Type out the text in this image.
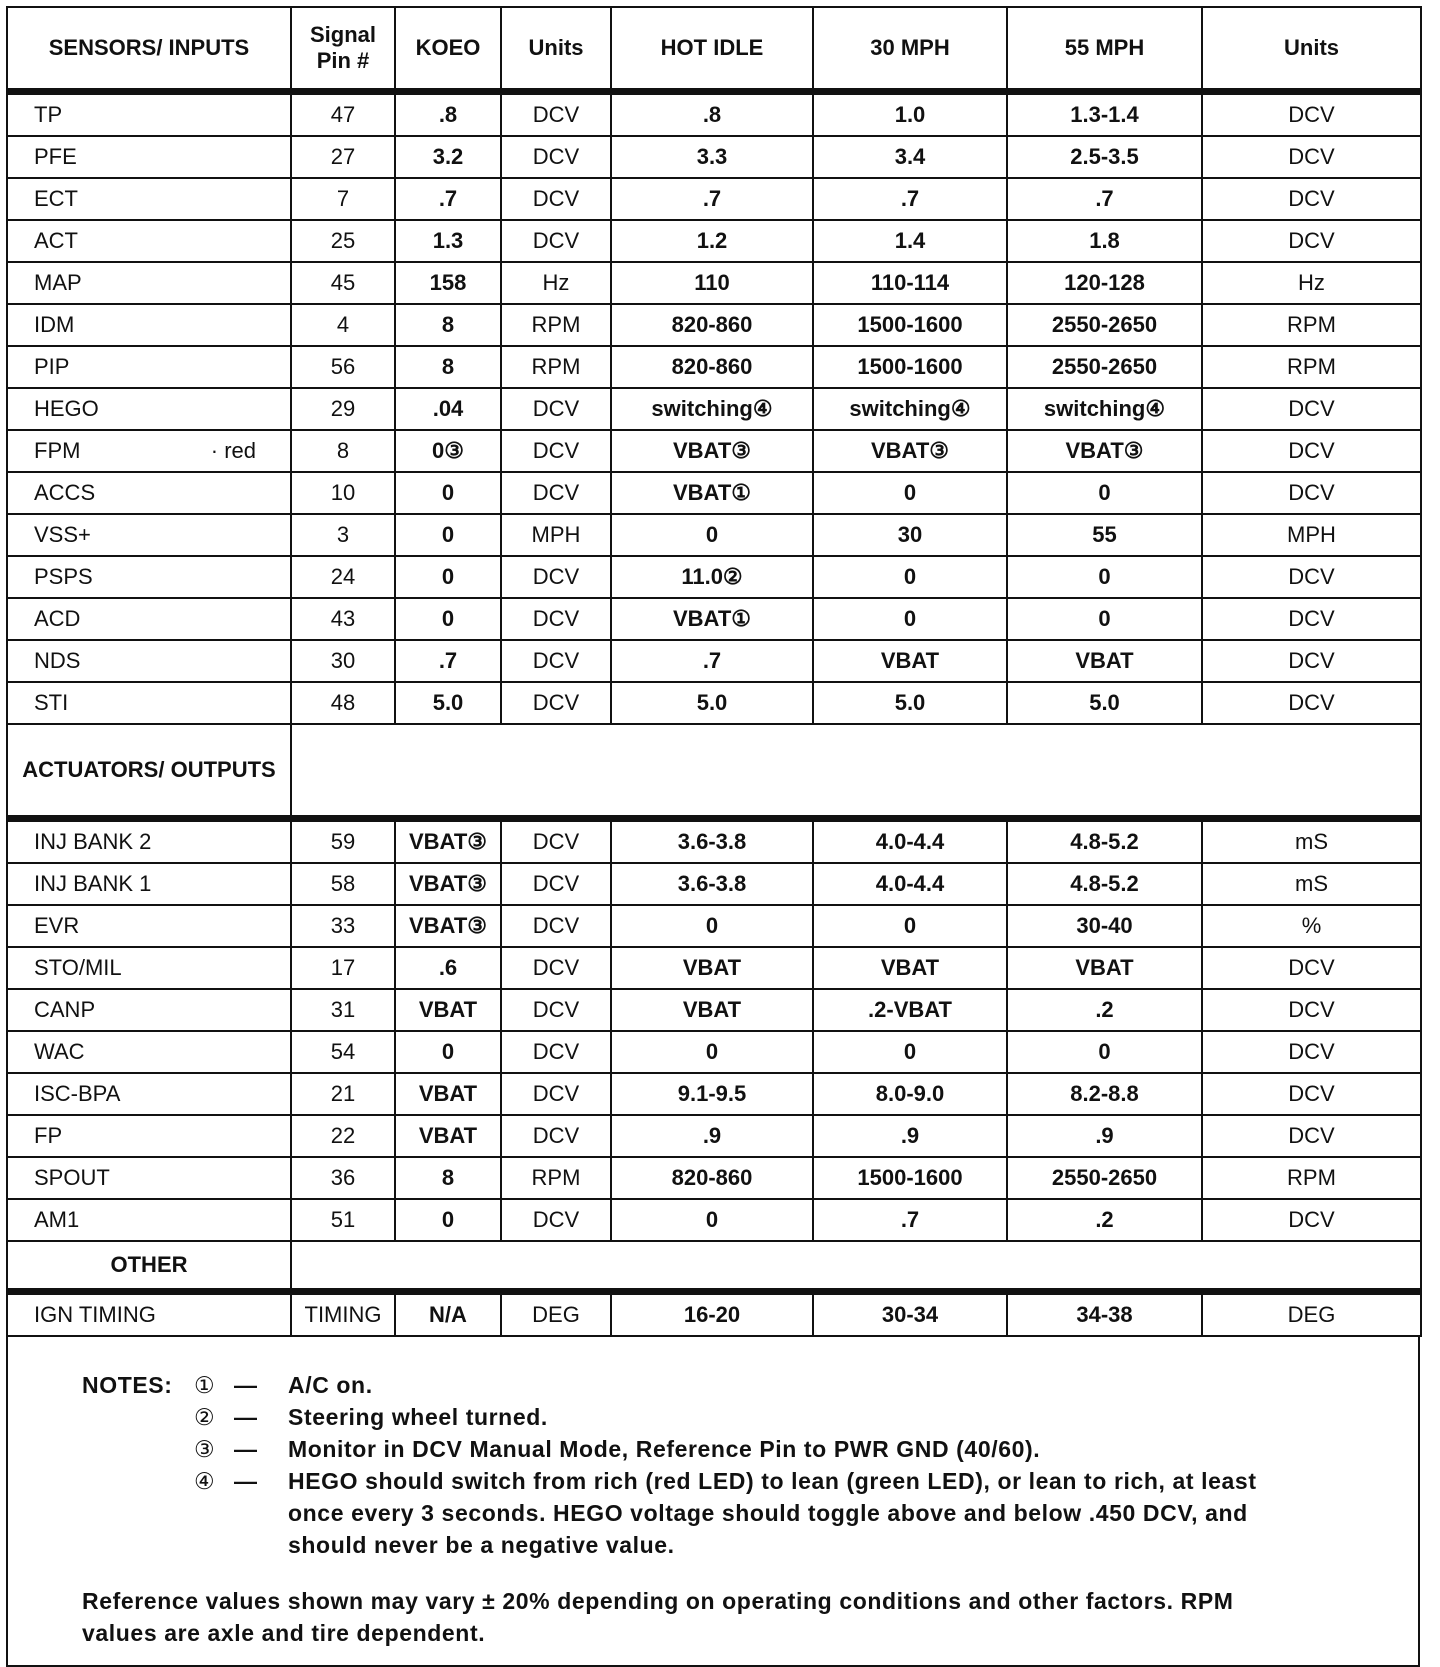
SENSORS/ INPUTS	Signal Pin #	KOEO	Units	HOT IDLE	30 MPH	55 MPH	Units
TP	47	.8	DCV	.8	1.0	1.3-1.4	DCV
PFE	27	3.2	DCV	3.3	3.4	2.5-3.5	DCV
ECT	7	.7	DCV	.7	.7	.7	DCV
ACT	25	1.3	DCV	1.2	1.4	1.8	DCV
MAP	45	158	Hz	110	110-114	120-128	Hz
IDM	4	8	RPM	820-860	1500-1600	2550-2650	RPM
PIP	56	8	RPM	820-860	1500-1600	2550-2650	RPM
HEGO	29	.04	DCV	switching④	switching④	switching④	DCV
FPM · red	8	0③	DCV	VBAT③	VBAT③	VBAT③	DCV
ACCS	10	0	DCV	VBAT①	0	0	DCV
VSS+	3	0	MPH	0	30	55	MPH
PSPS	24	0	DCV	11.0②	0	0	DCV
ACD	43	0	DCV	VBAT①	0	0	DCV
NDS	30	.7	DCV	.7	VBAT	VBAT	DCV
STI	48	5.0	DCV	5.0	5.0	5.0	DCV
ACTUATORS/ OUTPUTS							
INJ BANK 2	59	VBAT③	DCV	3.6-3.8	4.0-4.4	4.8-5.2	mS
INJ BANK 1	58	VBAT③	DCV	3.6-3.8	4.0-4.4	4.8-5.2	mS
EVR	33	VBAT③	DCV	0	0	30-40	%
STO/MIL	17	.6	DCV	VBAT	VBAT	VBAT	DCV
CANP	31	VBAT	DCV	VBAT	.2-VBAT	.2	DCV
WAC	54	0	DCV	0	0	0	DCV
ISC-BPA	21	VBAT	DCV	9.1-9.5	8.0-9.0	8.2-8.8	DCV
FP	22	VBAT	DCV	.9	.9	.9	DCV
SPOUT	36	8	RPM	820-860	1500-1600	2550-2650	RPM
AM1	51	0	DCV	0	.7	.2	DCV
OTHER							
IGN TIMING	TIMING	N/A	DEG	16-20	30-34	34-38	DEG
NOTES: ① —	A/C on.
② —	Steering wheel turned.
③ —	Monitor in DCV Manual Mode, Reference Pin to PWR GND (40/60).
④ —	HEGO should switch from rich (red LED) to lean (green LED), or lean to rich, at least once every 3 seconds. HEGO voltage should toggle above and below .450 DCV, and should never be a negative value.
Reference values shown may vary ± 20% depending on operating conditions and other factors. RPM values are axle and tire dependent.
